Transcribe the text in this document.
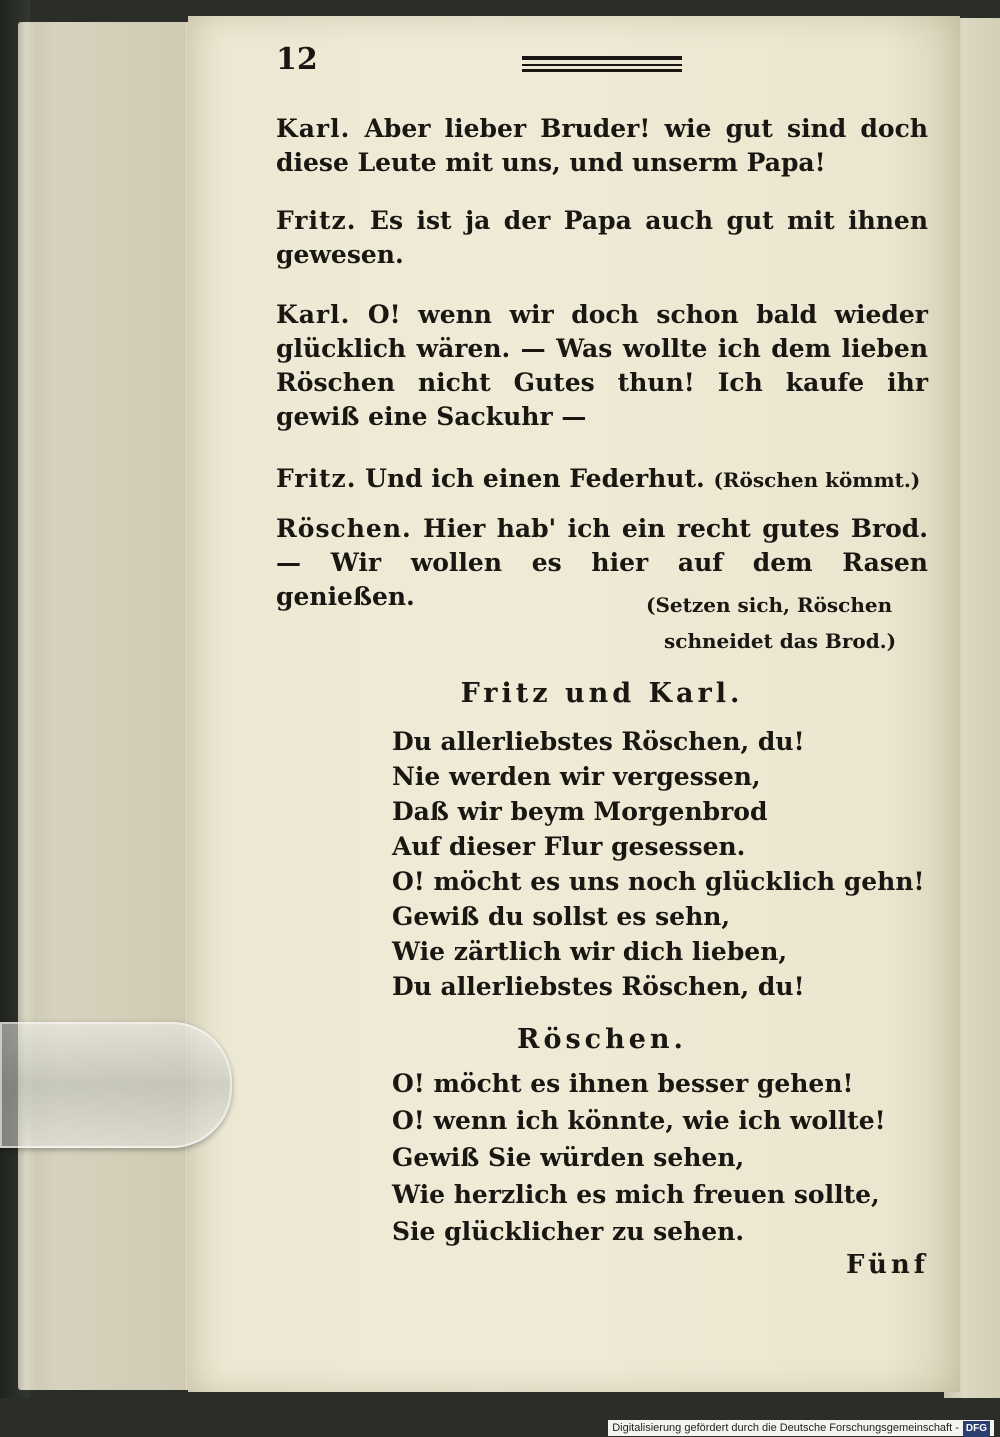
12
Karl. Aber lieber Bruder! wie gut sind doch diese Leute mit uns, und unserm Papa!
Fritz. Es ist ja der Papa auch gut mit ihnen gewesen.
Karl. O! wenn wir doch schon bald wieder glücklich wären. — Was wollte ich dem lieben Röschen nicht Gutes thun! Ich kaufe ihr gewiß eine Sackuhr —
Fritz. Und ich einen Federhut. (Röschen kömmt.)
Röschen. Hier hab' ich ein recht gutes Brod. — Wir wollen es hier auf dem Rasen genießen.	(Setzen sich, Röschen
schneidet das Brod.)
Fritz und Karl.
Du allerliebstes Röschen, du!
Nie werden wir vergessen,
Daß wir beym Morgenbrod
Auf dieser Flur gesessen.
O! möcht es uns noch glücklich gehn!
Gewiß du sollst es sehn,
Wie zärtlich wir dich lieben,
Du allerliebstes Röschen, du!
Röschen.
O! möcht es ihnen besser gehen!
O! wenn ich könnte, wie ich wollte!
Gewiß Sie würden sehen,
Wie herzlich es mich freuen sollte,
Sie glücklicher zu sehen.
Fünf
Digitalisierung gefördert durch die Deutsche Forschungsgemeinschaft - DFG
